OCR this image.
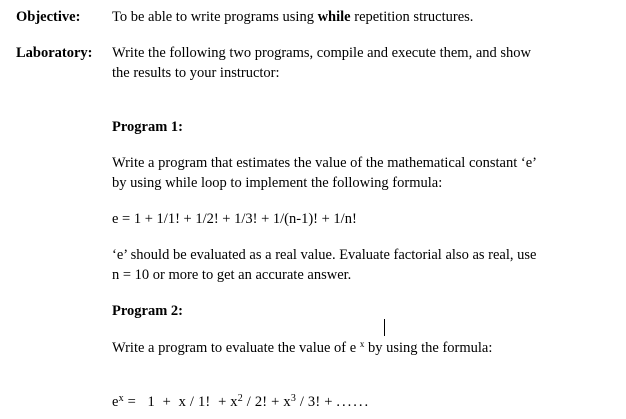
Objective: To be able to write programs using while repetition structures.
Laboratory: Write the following two programs, compile and execute them, and show
the results to your instructor:
Program 1:
Write a program that estimates the value of the mathematical constant ‘e’
by using while loop to implement the following formula:
e = 1 + 1/1! + 1/2! + 1/3! + 1/(n-1)! + 1/n!
‘e’ should be evaluated as a real value. Evaluate factorial also as real, use
n = 10 or more to get an accurate answer.
Program 2:
Write a program to evaluate the value of e $^x$ by using the formula:
$e^x = 1 + x / 1$!  + $x^2 / 2$! + $x^3 / 3$! + ......
